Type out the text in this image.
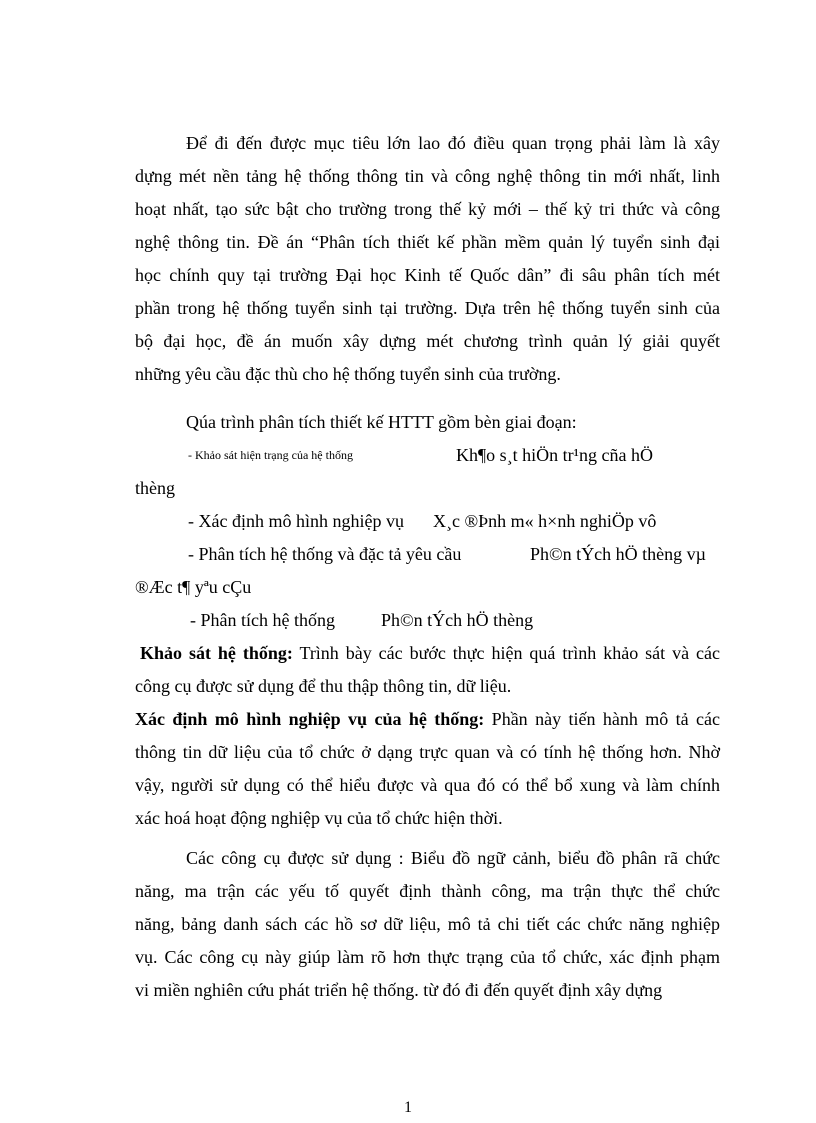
Để đi đến được mục tiêu lớn lao đó điều quan trọng phải làm là xây
dựng mét nền tảng hệ thống thông tin và công nghệ thông tin mới nhất, linh
hoạt nhất, tạo sức bật cho trường trong thế kỷ mới – thế kỷ tri thức và công
nghệ thông tin. Đề án “Phân tích thiết kế phần mềm quản lý tuyển sinh đại
học chính quy tại trường Đại học Kinh tế Quốc dân” đi sâu phân tích mét
phần trong hệ thống tuyển sinh tại trường. Dựa trên hệ thống tuyển sinh của
bộ đại học, đề án muốn xây dựng mét chương trình quản lý giải quyết
những yêu cầu đặc thù cho hệ thống tuyển sinh của trường.
Qúa trình phân tích thiết kế HTTT gồm bèn giai đoạn:
- Khảo sát hiện trạng của hệ thống	Kh¶o s¸t hiÖn tr¹ng cña hÖ
thèng
- Xác định mô hình nghiệp vụ X¸c ®Þnh m« h×nh nghiÖp vô
- Phân tích hệ thống và đặc tả yêu cầu	Ph©n tÝch hÖ thèng vµ
®Æc t¶ yªu cÇu
- Phân tích hệ thống	Ph©n tÝch hÖ thèng
Khảo sát hệ thống: Trình bày các bước thực hiện quá trình khảo sát và các
công cụ được sử dụng để thu thập thông tin, dữ liệu.
Xác định mô hình nghiệp vụ của hệ thống: Phần này tiến hành mô tả các
thông tin dữ liệu của tổ chức ở dạng trực quan và có tính hệ thống hơn. Nhờ
vậy, người sử dụng có thể hiểu được và qua đó có thể bổ xung và làm chính
xác hoá hoạt động nghiệp vụ của tổ chức hiện thời.
Các công cụ được sử dụng : Biểu đồ ngữ cảnh, biểu đồ phân rã chức
năng, ma trận các yếu tố quyết định thành công, ma trận thực thể chức
năng, bảng danh sách các hồ sơ dữ liệu, mô tả chi tiết các chức năng nghiệp
vụ. Các công cụ này giúp làm rõ hơn thực trạng của tổ chức, xác định phạm
vi miền nghiên cứu phát triển hệ thống. từ đó đi đến quyết định xây dựng
1
